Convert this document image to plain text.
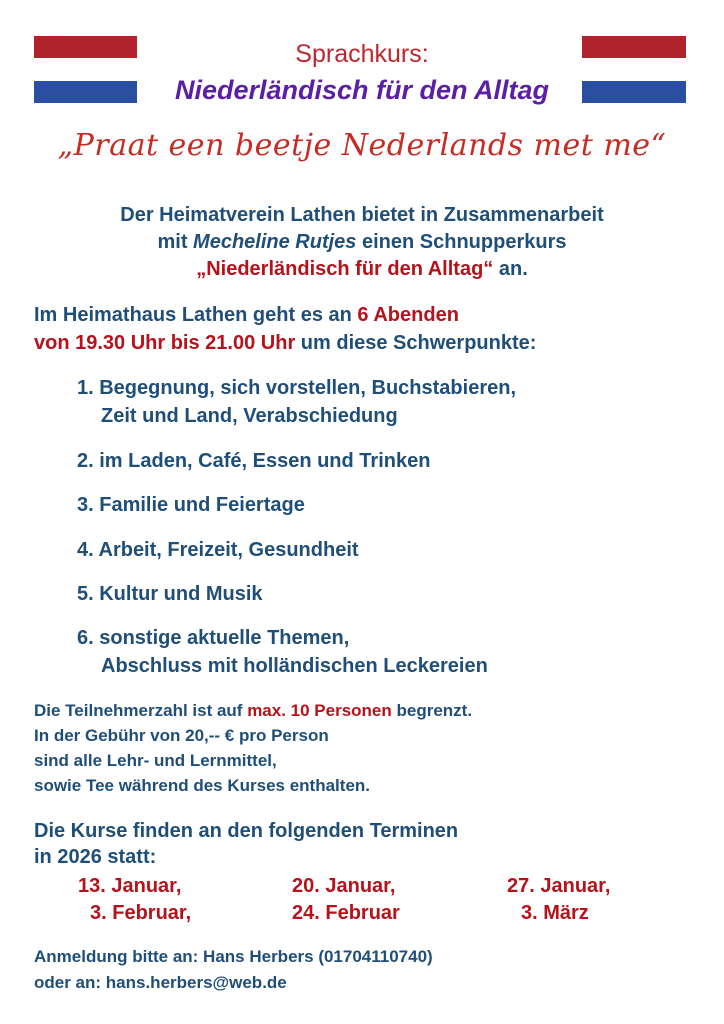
Sprachkurs:
Niederländisch für den Alltag
„Praat een beetje Nederlands met me“
Der Heimatverein Lathen bietet in Zusammenarbeit
mit Mecheline Rutjes einen Schnupperkurs
„Niederländisch für den Alltag“ an.
Im Heimathaus Lathen geht es an 6 Abenden
von 19.30 Uhr bis 21.00 Uhr um diese Schwerpunkte:
1. Begegnung, sich vorstellen, Buchstabieren,
Zeit und Land, Verabschiedung
2. im Laden, Café, Essen und Trinken
3. Familie und Feiertage
4. Arbeit, Freizeit, Gesundheit
5. Kultur und Musik
6. sonstige aktuelle Themen,
Abschluss mit holländischen Leckereien
Die Teilnehmerzahl ist auf max. 10 Personen begrenzt.
In der Gebühr von 20,-- € pro Person
sind alle Lehr- und Lernmittel,
sowie Tee während des Kurses enthalten.
Die Kurse finden an den folgenden Terminen
in 2026 statt:
13. Januar,	20. Januar,	27. Januar,
3. Februar,	24. Februar	3. März
Anmeldung bitte an: Hans Herbers (01704110740)
oder an: hans.herbers@web.de
